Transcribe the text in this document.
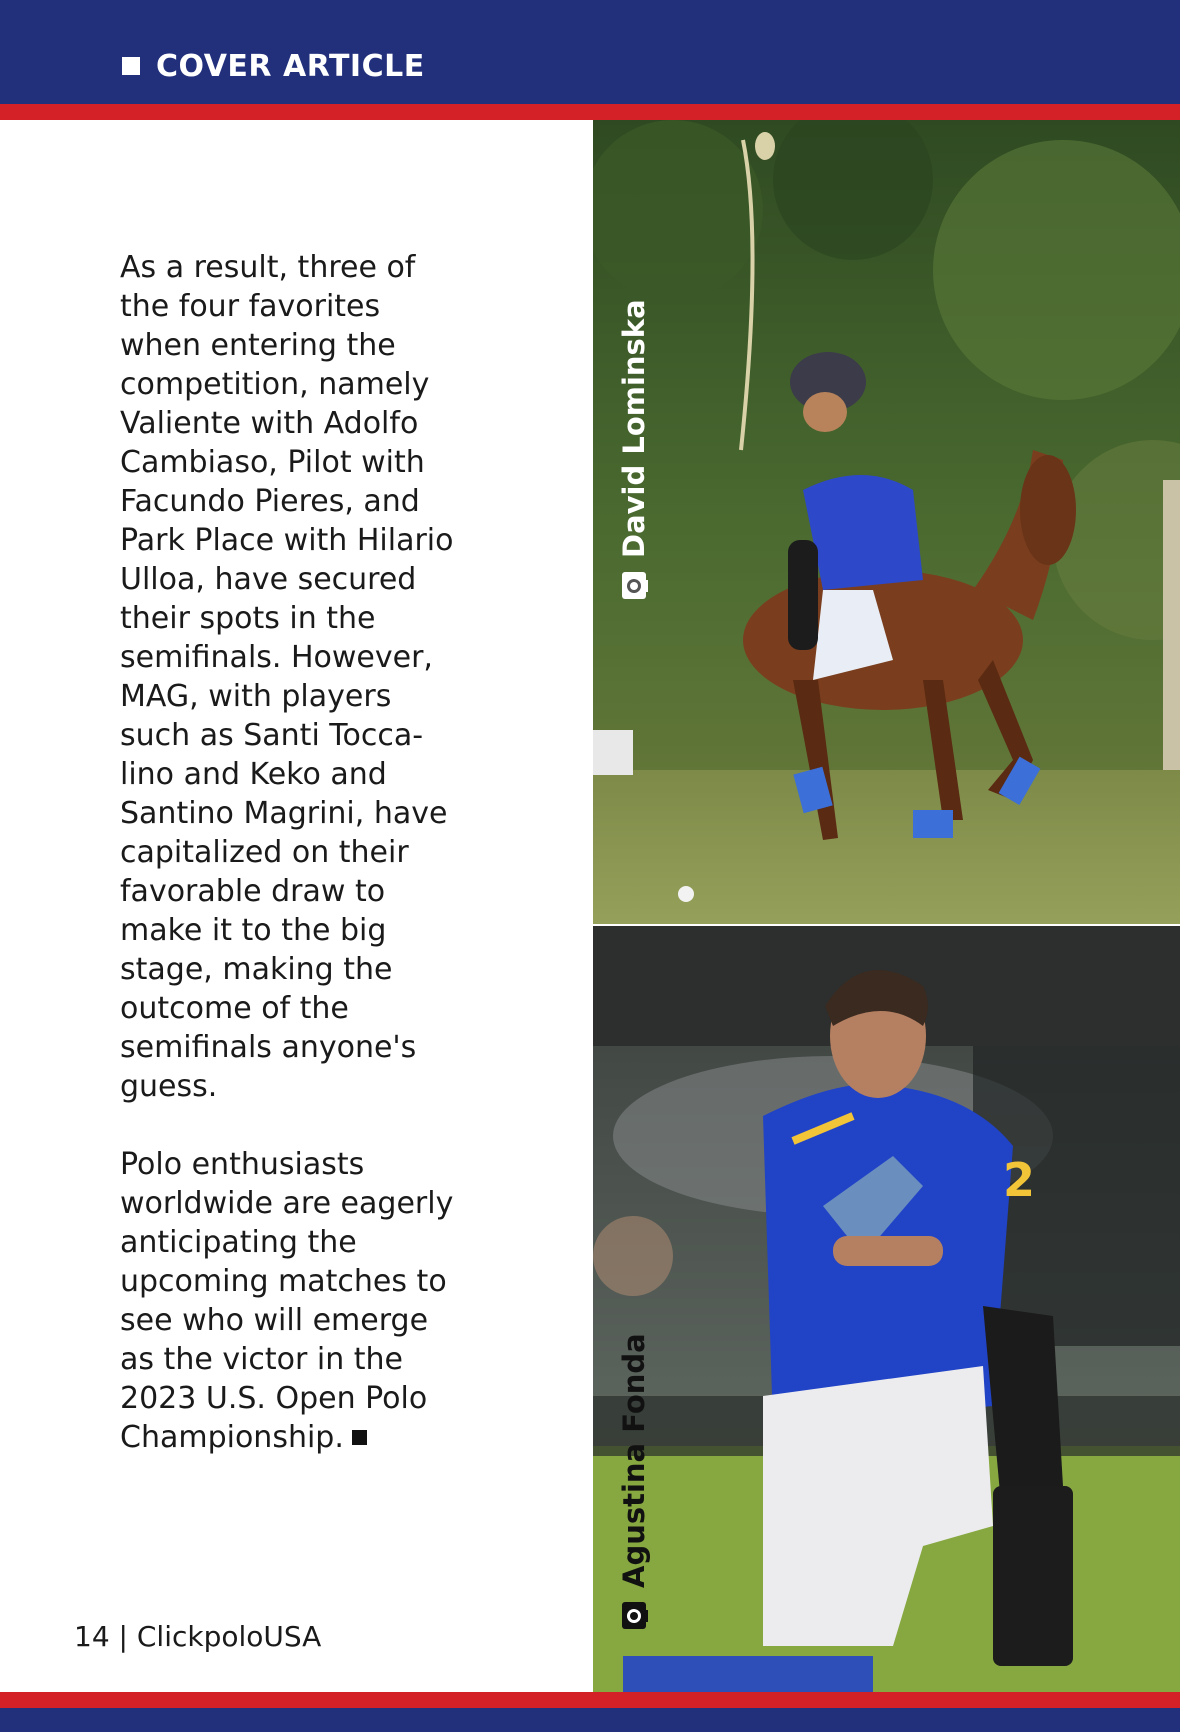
COVER ARTICLE

As a result, three of
the four favorites
when entering the
competition, namely
Valiente with Adolfo
Cambiaso, Pilot with
Facundo Pieres, and
Park Place with Hilario
Ulloa, have secured
their spots in the
semifinals. However,
MAG, with players
such as Santi Tocca-
lino and Keko and
Santino Magrini, have
capitalized on their
favorable draw to
make it to the big
stage, making the
outcome of the
semifinals anyone's
guess.

Polo enthusiasts
worldwide are eagerly
anticipating the
upcoming matches to
see who will emerge
as the victor in the
2023 U.S. Open Polo
Championship.

2
David Lominska
Agustina Fonda
14 | ClickpoloUSA
